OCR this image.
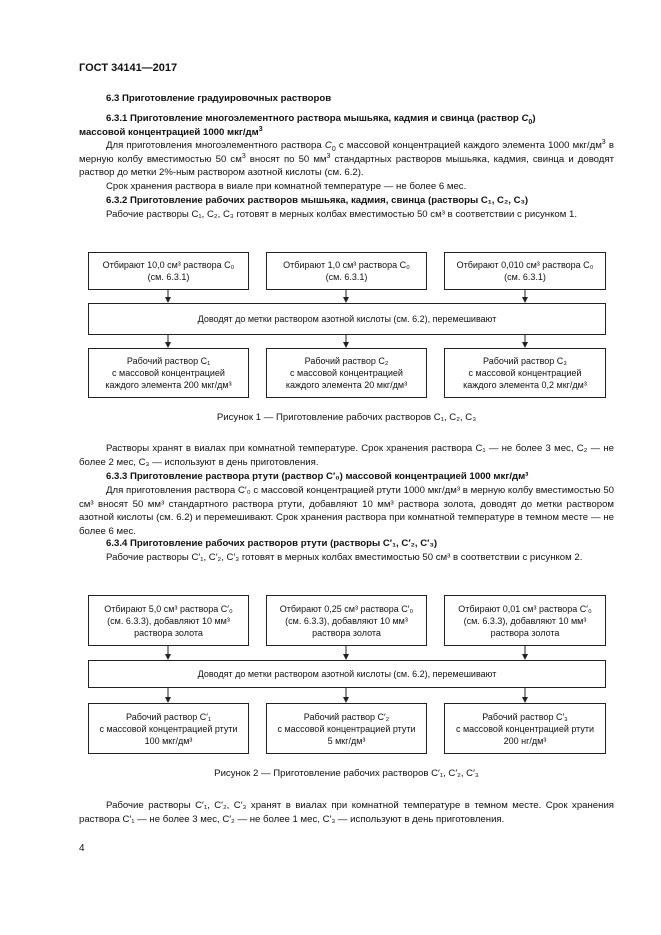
ГОСТ 34141—2017
6.3 Приготовление градуировочных растворов
6.3.1 Приготовление многоэлементного раствора мышьяка, кадмия и свинца (раствор $C_0$)
массовой концентрацией 1000 мкг/$дм^3$
Для приготовления многоэлементного раствора $C_0$ с массовой концентрацией каждого элемента 1000 мкг/$дм^3$ в мерную колбу вместимостью 50 $см^3$ вносят по 50 $мм^3$ стандартных растворов мышьяка, кадмия, свинца и доводят раствор до метки 2%-ным раствором азотной кислоты (см. 6.2).
Срок хранения раствора в виале при комнатной температуре — не более 6 мес.
6.3.2 Приготовление рабочих растворов мышьяка, кадмия, свинца (растворы C₁, C₂, C₃)
Рабочие растворы C₁, C₂, C₃ готовят в мерных колбах вместимостью 50 см³ в соответствии с рисунком 1.
Отбирают 10,0 см³ раствора C₀
(см. 6.3.1)
Отбирают 1,0 см³ раствора C₀
(см. 6.3.1)
Отбирают 0,010 см³ раствора C₀
(см. 6.3.1)
Доводят до метки раствором азотной кислоты (см. 6.2), перемешивают
Рабочий раствор C₁
с массовой концентрацией
каждого элемента 200 мкг/дм³
Рабочий раствор C₂
с массовой концентрацией
каждого элемента 20 мкг/дм³
Рабочий раствор C₃
с массовой концентрацией
каждого элемента 0,2 мкг/дм³
Рисунок 1 — Приготовление рабочих растворов C₁, C₂, C₃
Растворы хранят в виалах при комнатной температуре. Срок хранения раствора C₁ — не более 3 мес, C₂ — не более 2 мес, C₃ — используют в день приготовления.
6.3.3 Приготовление раствора ртути (раствор C′₀) массовой концентрацией 1000 мкг/дм³
Для приготовления раствора C′₀ с массовой концентрацией ртути 1000 мкг/дм³ в мерную колбу вместимостью 50 см³ вносят 50 мм³ стандартного раствора ртути, добавляют 10 мм³ раствора золота, доводят до метки раствором азотной кислоты (см. 6.2) и перемешивают. Срок хранения раствора при комнатной температуре в темном месте — не более 6 мес.
6.3.4 Приготовление рабочих растворов ртути (растворы C′₁, C′₂, C′₃)
Рабочие растворы C′₁, C′₂, C′₃ готовят в мерных колбах вместимостью 50 см³ в соответствии с рисунком 2.
Отбирают 5,0 см³ раствора C′₀
(см. 6.3.3), добавляют 10 мм³
раствора золота
Отбирают 0,25 см³ раствора C′₀
(см. 6.3.3), добавляют 10 мм³
раствора золота
Отбирают 0,01 см³ раствора C′₀
(см. 6.3.3), добавляют 10 мм³
раствора золота
Доводят до метки раствором азотной кислоты (см. 6.2), перемешивают
Рабочий раствор C′₁
с массовой концентрацией ртути
100 мкг/дм³
Рабочий раствор C′₂
с массовой концентрацией ртути
5 мкг/дм³
Рабочий раствор C′₃
с массовой концентрацией ртути
200 нг/дм³
Рисунок 2 — Приготовление рабочих растворов C′₁, C′₂, C′₃
Рабочие растворы C′₁, C′₂, C′₃ хранят в виалах при комнатной температуре в темном месте. Срок хранения раствора C′₁ — не более 3 мес, C′₂ — не более 1 мес, C′₃ — используют в день приготовления.
4
